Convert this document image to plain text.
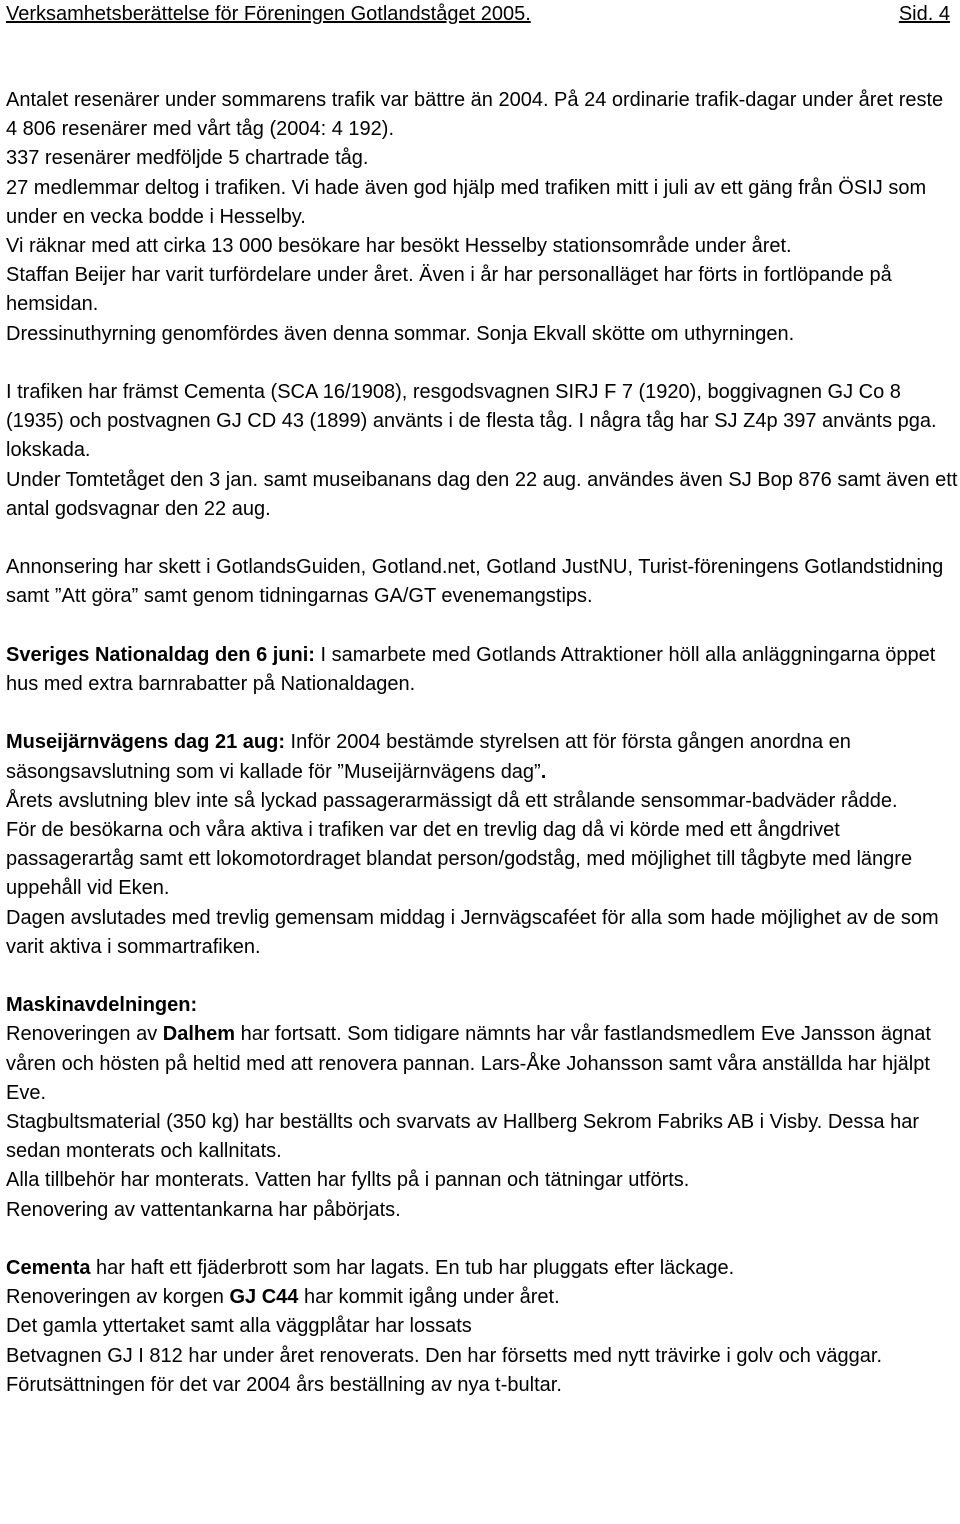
Verksamhetsberättelse för Föreningen Gotlandståget 2005.	Sid. 4

Antalet resenärer under sommarens trafik var bättre än 2004. På 24 ordinarie trafik-dagar under året reste 4 806 resenärer med vårt tåg (2004: 4 192).

337 resenärer medföljde 5 chartrade tåg.

27 medlemmar deltog i trafiken. Vi hade även god hjälp med trafiken mitt i juli av ett gäng från ÖSIJ som under en vecka bodde i Hesselby.

Vi räknar med att cirka 13 000 besökare har besökt Hesselby stationsområde under året.

Staffan Beijer har varit turfördelare under året. Även i år har personalläget har förts in fortlöpande på hemsidan.

Dressinuthyrning genomfördes även denna sommar. Sonja Ekvall skötte om uthyrningen.

I trafiken har främst Cementa (SCA 16/1908), resgodsvagnen SIRJ F 7 (1920), boggivagnen GJ Co 8 (1935) och postvagnen GJ CD 43 (1899) använts i de flesta tåg. I några tåg har SJ Z4p 397 använts pga. lokskada.

Under Tomtetåget den 3 jan. samt museibanans dag den 22 aug. användes även SJ Bop 876 samt även ett antal godsvagnar den 22 aug.

Annonsering har skett i GotlandsGuiden, Gotland.net, Gotland JustNU, Turist-föreningens Gotlandstidning samt ”Att göra” samt genom tidningarnas GA/GT evenemangstips.

Sveriges Nationaldag den 6 juni: I samarbete med Gotlands Attraktioner höll alla anläggningarna öppet hus med extra barnrabatter på Nationaldagen.

Museijärnvägens dag 21 aug: Inför 2004 bestämde styrelsen att för första gången anordna en säsongsavslutning som vi kallade för ”Museijärnvägens dag”.

Årets avslutning blev inte så lyckad passagerarmässigt då ett strålande sensommar-badväder rådde.

För de besökarna och våra aktiva i trafiken var det en trevlig dag då vi körde med ett ångdrivet passagerartåg samt ett lokomotordraget blandat person/godståg, med möjlighet till tågbyte med längre uppehåll vid Eken.

Dagen avslutades med trevlig gemensam middag i Jernvägscaféet för alla som hade möjlighet av de som varit aktiva i sommartrafiken.

Maskinavdelningen:

Renoveringen av Dalhem har fortsatt. Som tidigare nämnts har vår fastlandsmedlem Eve Jansson ägnat våren och hösten på heltid med att renovera pannan. Lars-Åke Johansson samt våra anställda har hjälpt Eve.

Stagbultsmaterial (350 kg) har beställts och svarvats av Hallberg Sekrom Fabriks AB i Visby. Dessa har sedan monterats och kallnitats.

Alla tillbehör har monterats. Vatten har fyllts på i pannan och tätningar utförts.

Renovering av vattentankarna har påbörjats.

Cementa har haft ett fjäderbrott som har lagats. En tub har pluggats efter läckage.

Renoveringen av korgen GJ C44 har kommit igång under året.

Det gamla yttertaket samt alla väggplåtar har lossats

Betvagnen GJ I 812 har under året renoverats. Den har försetts med nytt trävirke i golv och väggar. Förutsättningen för det var 2004 års beställning av nya t-bultar.
